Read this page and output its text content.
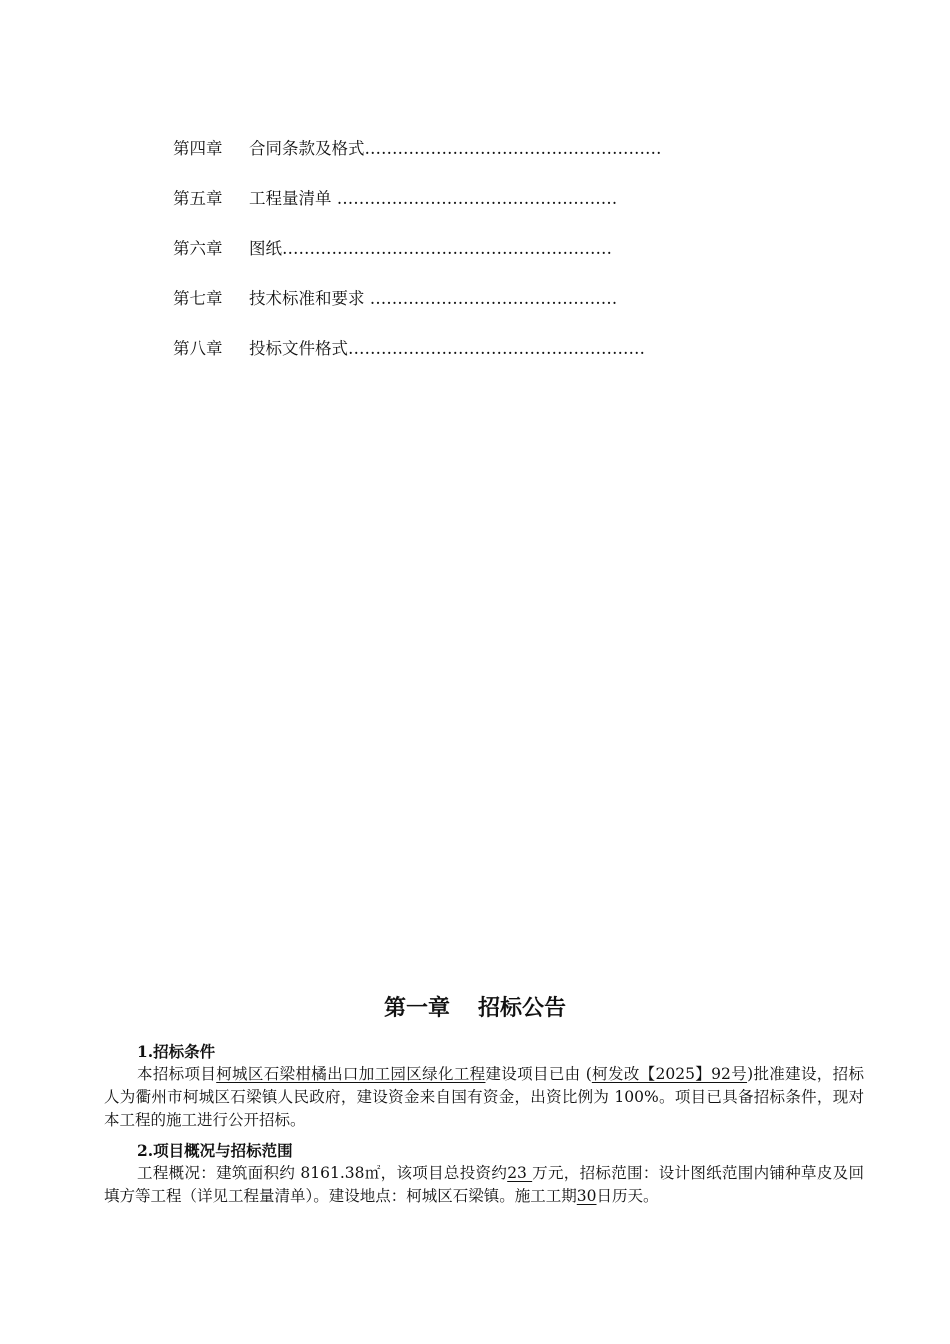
第四章 合同条款及格式………………………………………………
第五章 工程量清单 ……………………………………………
第六章 图纸……………………………………………………
第七章 技术标准和要求 ………………………………………
第八章 投标文件格式………………………………………………
第一章 招标公告

1.招标条件

本招标项目柯城区石梁柑橘出口加工园区绿化工程建设项目已由 (柯发改【2025】92号)批准建设，招标人为衢州市柯城区石梁镇人民政府，建设资金来自国有资金，出资比例为 100%。项目已具备招标条件，现对本工程的施工进行公开招标。

2.项目概况与招标范围

工程概况：建筑面积约 8161.38㎡，该项目总投资约23 万元，招标范围：设计图纸范围内铺种草皮及回填方等工程（详见工程量清单）。建设地点：柯城区石梁镇。施工工期30日历天。
